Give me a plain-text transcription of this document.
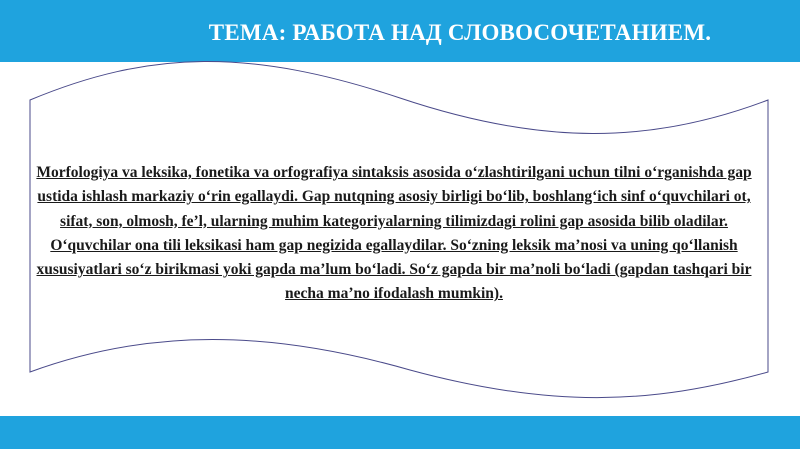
ТЕМА: РАБОТА НАД СЛОВОСОЧЕТАНИЕМ.

Morfologiya va leksika, fonetika va orfografiya sintaksis asosida oʻzlashtirilgani uchun tilni oʻrganishda gap ustida ishlash markaziy oʻrin egallaydi. Gap nutqning asosiy birligi boʻlib, boshlangʻich sinf oʻquvchilari ot, sifat, son, olmosh, feʼl, ularning muhim kategoriyalarning tilimizdagi rolini gap asosida bilib oladilar. Oʻquvchilar ona tili leksikasi ham gap negizida egallaydilar. Soʻzning leksik maʼnosi va uning qoʻllanish xususiyatlari soʻz birikmasi yoki gapda maʼlum boʻladi. Soʻz gapda bir maʼnoli boʻladi (gapdan tashqari bir necha maʼno ifodalash mumkin).
